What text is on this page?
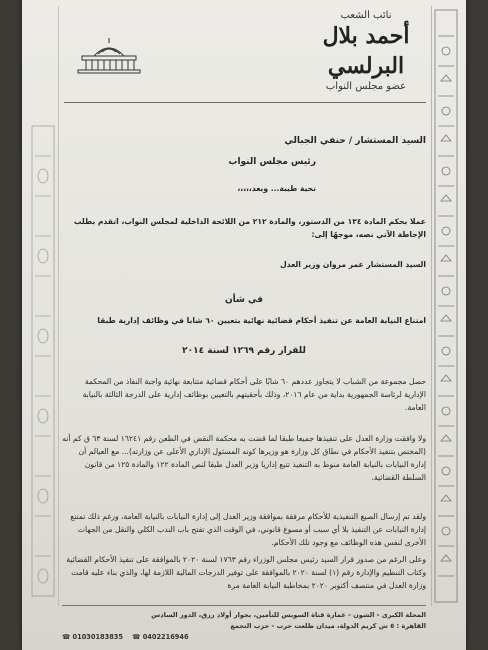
نائب الشعب
أحمد بلال البرلسي
عضو مجلس النواب
السيد المستشار / حنفي الجبالي
رئيس مجلس النواب
تحية طيبة... وبعد،،،،،
عملا بحكم المادة ١٣٤ من الدستور، والمادة ٢١٢ من اللائحة الداخلية لمجلس النواب، اتقدم بطلب الإحاطة الآتي نصه، موجهًا إلى:
السيد المستشار عمر مروان وزير العدل
في شأن
امتناع النيابة العامة عن تنفيذ أحكام قضائية نهائية بتعيين ٦٠ شابا في وظائف إدارية طبقا
للقرار رقم ١٢٦٩ لسنة ٢٠١٤
حصل مجموعة من الشباب لا يتجاوز عددهم ٦٠ شابًا على أحكام قضائية متتابعة نهائية واجبة النفاذ من المحكمة الإدارية لرئاسة الجمهورية بداية من عام ٢٠١٦، وذلك بأحقيتهم بالتعيين بوظائف إدارية على الدرجة الثالثة بالنيابة العامة.
ولا وافقت وزارة العدل على تنفيذها جميعا طبقا لما قضت به محكمة النقض في الطعن رقم ١٦٢٤١ لسنة ٦٣ ق كم أنه (المختص بتنفيذ الأحكام في نطاق كل وزارة هو وزيرها كونه المسئول الإداري الأعلى عن وزارته)... مع العيالم أن إدارة النيابات بالنيابة العامة منوط به التنفيذ تتبع إداريا وزير العدل طبقا لنص المادة ١٢٢ والمادة ١٢٥ من قانون السلطة القضائية.
ولقد تم إرسال الصيغ التنفيذية للأحكام مرفقة بموافقة وزير العدل إلى إدارة النيابات بالنيابة العامة، ورغم ذلك تمتنع إدارة النيابات عن التنفيذ بلا أي سبب أو مسوغ قانوني، في الوقت الذي تفتح باب الندب الكلي والنقل من الجهات الأخرى لنفس هذه الوظائف مع وجود تلك الأحكام.
وعلى الرغم من صدور قرار السيد رئيس مجلس الوزراء رقم ١٧٦٣ لسنة ٢٠٢٠ بالموافقة على تنفيذ الأحكام القضائية وكتاب التنظيم والإدارة رقم (١) لسنة ٢٠٢٠ بالموافقة على توفير الدرجات المالية اللازمة لها، والذي بناء عليه قامت وزارة العدل في منتصف أكتوبر ٢٠٢٠ بمخاطبة النيابة العامة مرة
المحلة الكبرى - الشون - عمارة قناة السويس للتأمين، بجوار أولاد رزق، الدور السادس
القاهرة : ٥ ش كريم الدولة، ميدان طلعت حرب - حزب التجمع
☎ 01030183835 ☎ 0402216946
